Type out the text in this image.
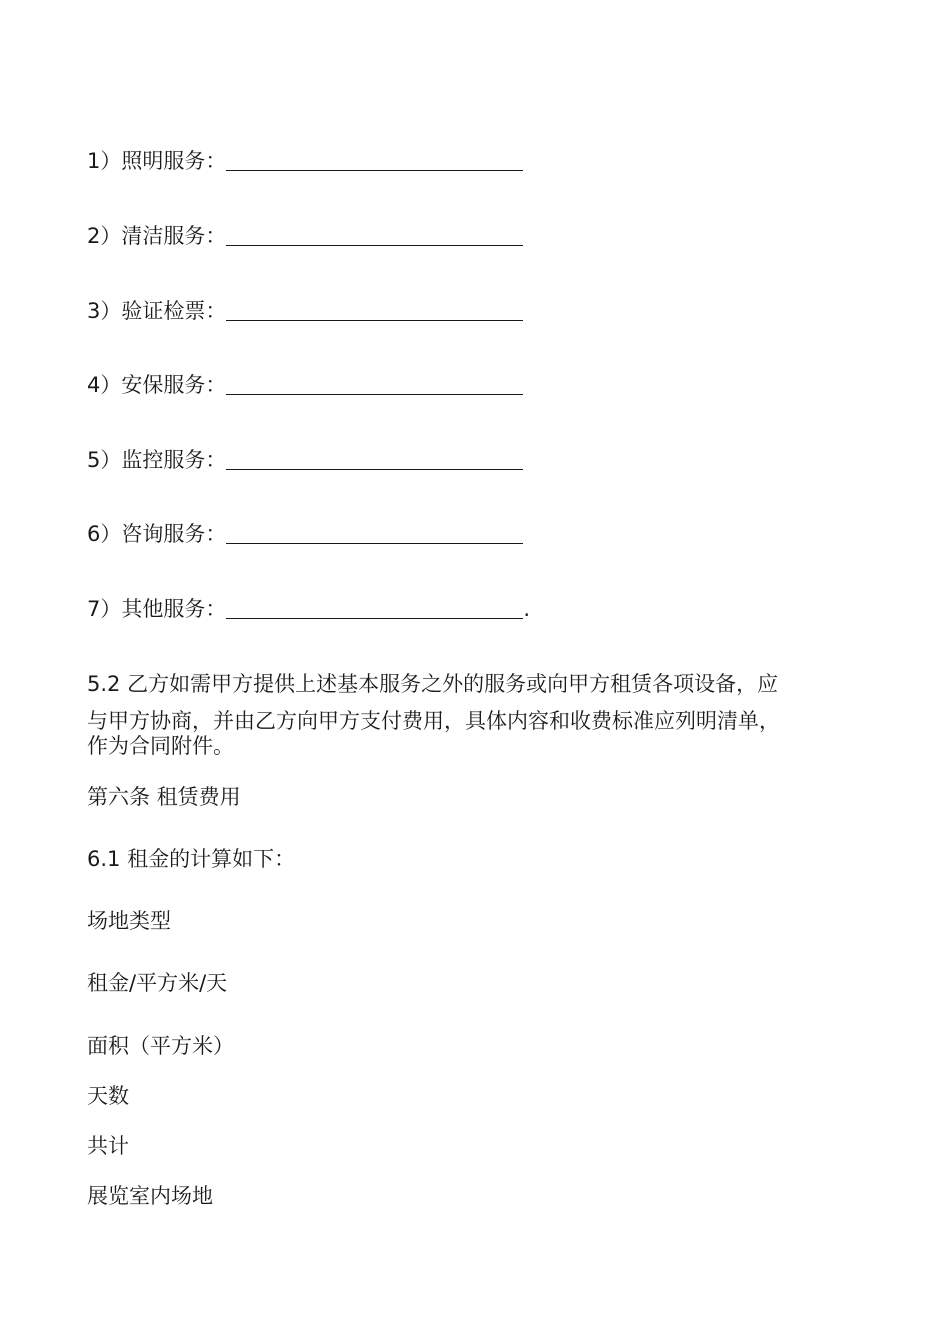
1）照明服务：
2）清洁服务：
3）验证检票：
4）安保服务：
5）监控服务：
6）咨询服务：
7）其他服务：	.
5.2 乙方如需甲方提供上述基本服务之外的服务或向甲方租赁各项设备，应
与甲方协商，并由乙方向甲方支付费用，具体内容和收费标准应列明清单，
作为合同附件。
第六条 租赁费用
6.1 租金的计算如下：
场地类型
租金/平方米/天
面积（平方米）
天数
共计
展览室内场地
